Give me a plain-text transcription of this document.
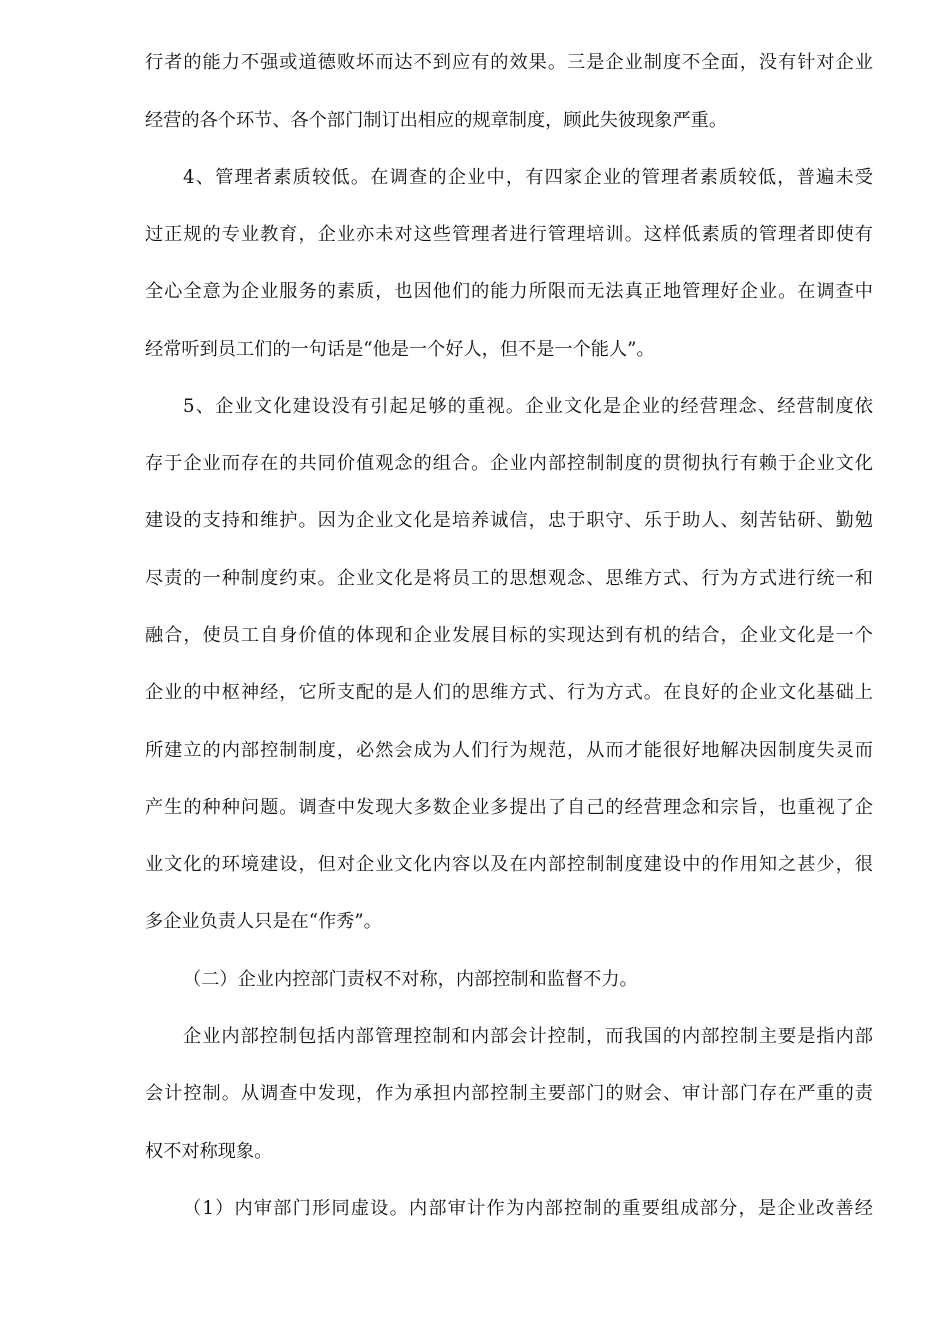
行者的能力不强或道德败坏而达不到应有的效果。三是企业制度不全面，没有针对企业
经营的各个环节、各个部门制订出相应的规章制度，顾此失彼现象严重。
4、管理者素质较低。在调查的企业中，有四家企业的管理者素质较低，普遍未受
过正规的专业教育，企业亦未对这些管理者进行管理培训。这样低素质的管理者即使有
全心全意为企业服务的素质，也因他们的能力所限而无法真正地管理好企业。在调查中
经常听到员工们的一句话是“他是一个好人，但不是一个能人”。
5、企业文化建设没有引起足够的重视。企业文化是企业的经营理念、经营制度依
存于企业而存在的共同价值观念的组合。企业内部控制制度的贯彻执行有赖于企业文化
建设的支持和维护。因为企业文化是培养诚信，忠于职守、乐于助人、刻苦钻研、勤勉
尽责的一种制度约束。企业文化是将员工的思想观念、思维方式、行为方式进行统一和
融合，使员工自身价值的体现和企业发展目标的实现达到有机的结合，企业文化是一个
企业的中枢神经，它所支配的是人们的思维方式、行为方式。在良好的企业文化基础上
所建立的内部控制制度，必然会成为人们行为规范，从而才能很好地解决因制度失灵而
产生的种种问题。调查中发现大多数企业多提出了自己的经营理念和宗旨，也重视了企
业文化的环境建设，但对企业文化内容以及在内部控制制度建设中的作用知之甚少，很
多企业负责人只是在“作秀”。
（二）企业内控部门责权不对称，内部控制和监督不力。
企业内部控制包括内部管理控制和内部会计控制，而我国的内部控制主要是指内部
会计控制。从调查中发现，作为承担内部控制主要部门的财会、审计部门存在严重的责
权不对称现象。
（1）内审部门形同虚设。内部审计作为内部控制的重要组成部分，是企业改善经
